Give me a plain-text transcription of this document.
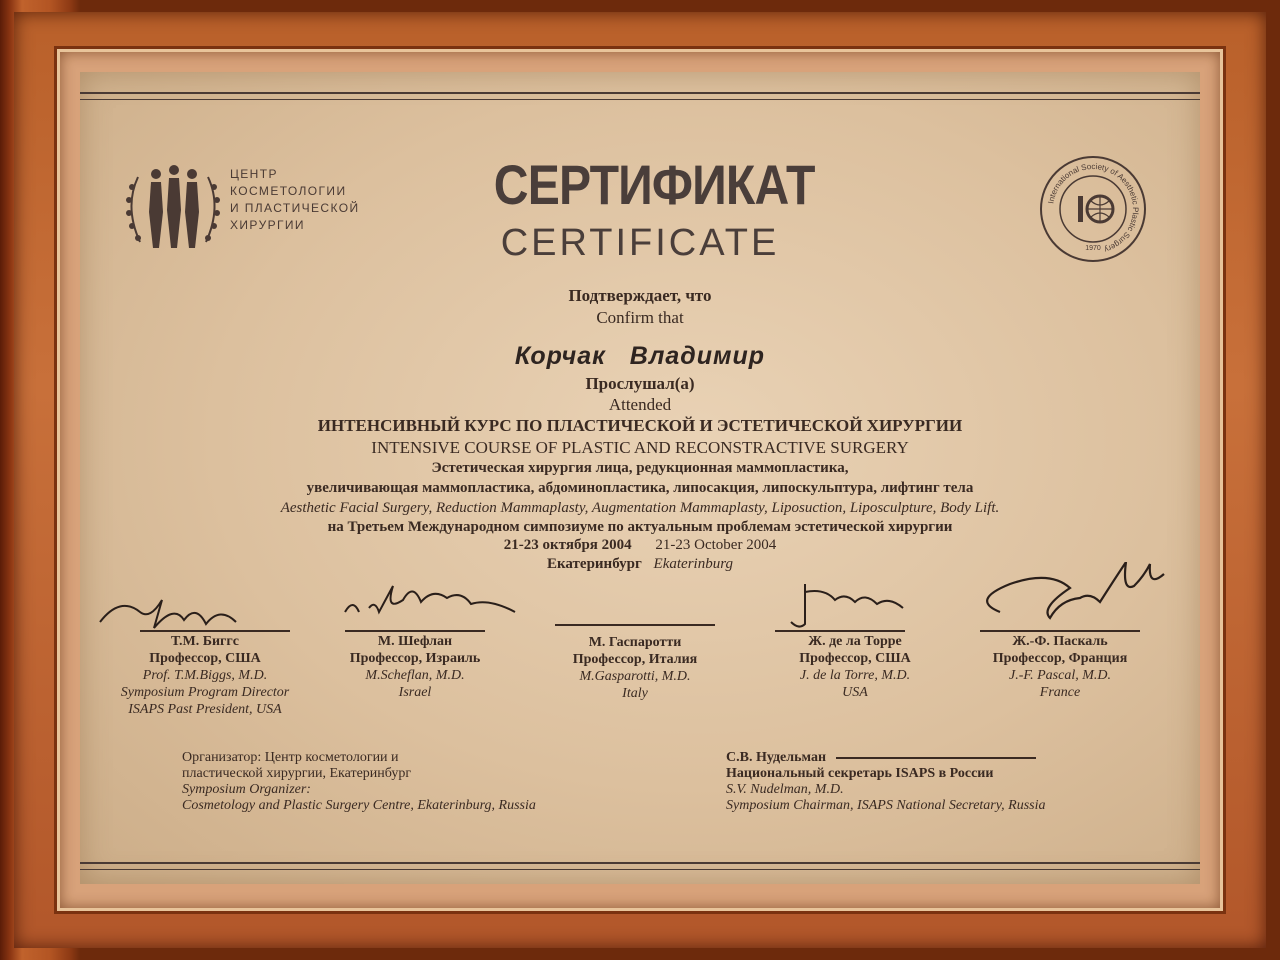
ЦЕНТР
КОСМЕТОЛОГИИ
И ПЛАСТИЧЕСКОЙ
ХИРУРГИИ
International Society of Aesthetic Plastic Surgery
1970
СЕРТИФИКАТ
CERTIFICATE
Подтверждает, что
Confirm that
Корчак Владимир
Прослушал(а)
Attended
ИНТЕНСИВНЫЙ КУРС ПО ПЛАСТИЧЕСКОЙ И ЭСТЕТИЧЕСКОЙ ХИРУРГИИ
INTENSIVE COURSE OF PLASTIC AND RECONSTRACTIVE SURGERY
Эстетическая хирургия лица, редукционная маммопластика,
увеличивающая маммопластика, абдоминопластика, липосакция, липоскульптура, лифтинг тела
Aesthetic Facial Surgery, Reduction Mammaplasty, Augmentation Mammaplasty, Liposuction, Liposculpture, Body Lift.
на Третьем Международном симпозиуме по актуальным проблемам эстетической хирургии
21-23 октября 2004 21-23 October 2004
Екатеринбург Ekaterinburg
Т.М. Биггс
Профессор, США
Prof. T.M.Biggs, M.D.
Symposium Program Director
ISAPS Past President, USA
М. Шефлан
Профессор, Израиль
M.Scheflan, M.D.
Israel
М. Гаспаротти
Профессор, Италия
M.Gasparotti, M.D.
Italy
Ж. де ла Торре
Профессор, США
J. de la Torre, M.D.
USA
Ж.-Ф. Паскаль
Профессор, Франция
J.-F. Pascal, M.D.
France
Организатор: Центр косметологии и
пластической хирургии, Екатеринбург
Symposium Organizer:
Cosmetology and Plastic Surgery Centre, Ekaterinburg, Russia
С.В. Нудельман
Национальный секретарь ISAPS в России
S.V. Nudelman, M.D.
Symposium Chairman, ISAPS National Secretary, Russia
